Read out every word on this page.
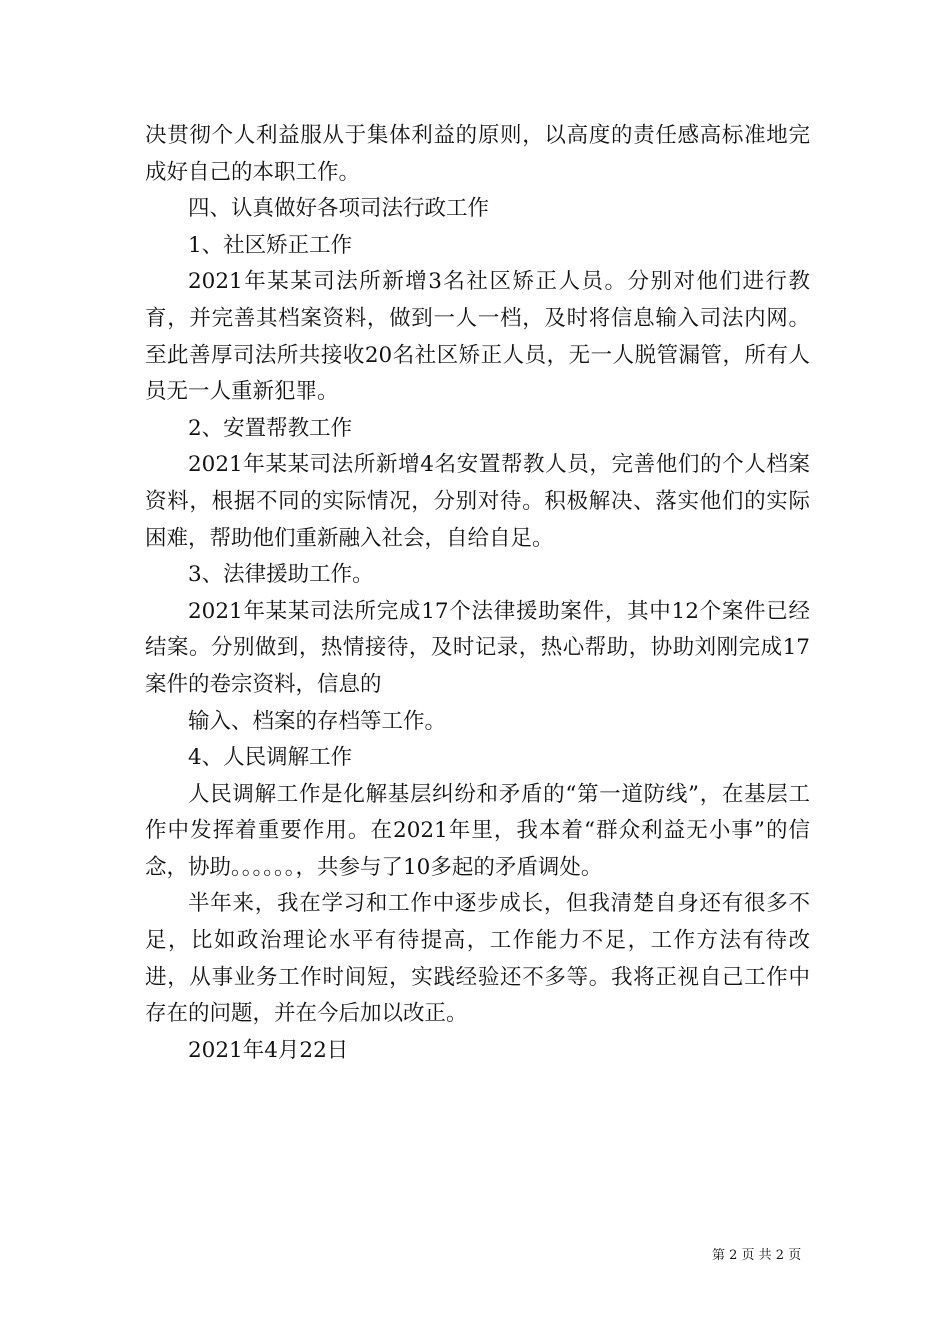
决贯彻个人利益服从于集体利益的原则，以高度的责任感高标准地完成好自己的本职工作。

四、认真做好各项司法行政工作

1、社区矫正工作

2021年某某司法所新增3名社区矫正人员。分别对他们进行教育，并完善其档案资料，做到一人一档，及时将信息输入司法内网。至此善厚司法所共接收20名社区矫正人员，无一人脱管漏管，所有人员无一人重新犯罪。

2、安置帮教工作

2021年某某司法所新增4名安置帮教人员，完善他们的个人档案资料，根据不同的实际情况，分别对待。积极解决、落实他们的实际困难，帮助他们重新融入社会，自给自足。

3、法律援助工作。

2021年某某司法所完成17个法律援助案件，其中12个案件已经结案。分别做到，热情接待，及时记录，热心帮助，协助刘刚完成17案件的卷宗资料，信息的

输入、档案的存档等工作。

4、人民调解工作

人民调解工作是化解基层纠纷和矛盾的“第一道防线”，在基层工作中发挥着重要作用。在2021年里，我本着“群众利益无小事”的信念，协助。。。。。。，共参与了10多起的矛盾调处。

半年来，我在学习和工作中逐步成长，但我清楚自身还有很多不足，比如政治理论水平有待提高，工作能力不足，工作方法有待改进，从事业务工作时间短，实践经验还不多等。我将正视自己工作中存在的问题，并在今后加以改正。

2021年4月22日

第 2 页 共 2 页
